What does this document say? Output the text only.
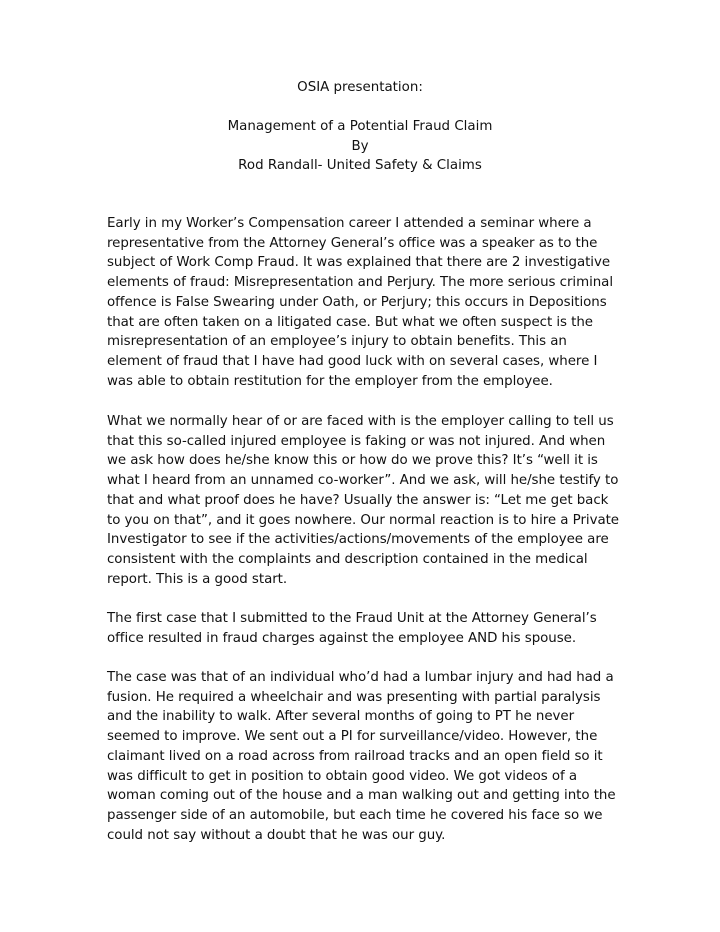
OSIA presentation:

Management of a Potential Fraud Claim

By

Rod Randall- United Safety & Claims

Early in my Worker’s Compensation career I attended a seminar where a
representative from the Attorney General’s office was a speaker as to the
subject of Work Comp Fraud. It was explained that there are 2 investigative
elements of fraud: Misrepresentation and Perjury. The more serious criminal
offence is False Swearing under Oath, or Perjury; this occurs in Depositions
that are often taken on a litigated case. But what we often suspect is the
misrepresentation of an employee’s injury to obtain benefits. This an
element of fraud that I have had good luck with on several cases, where I
was able to obtain restitution for the employer from the employee.
What we normally hear of or are faced with is the employer calling to tell us
that this so-called injured employee is faking or was not injured. And when
we ask how does he/she know this or how do we prove this? It’s “well it is
what I heard from an unnamed co-worker”. And we ask, will he/she testify to
that and what proof does he have? Usually the answer is: “Let me get back
to you on that”, and it goes nowhere. Our normal reaction is to hire a Private
Investigator to see if the activities/actions/movements of the employee are
consistent with the complaints and description contained in the medical
report. This is a good start.
The first case that I submitted to the Fraud Unit at the Attorney General’s
office resulted in fraud charges against the employee AND his spouse.
The case was that of an individual who’d had a lumbar injury and had had a
fusion. He required a wheelchair and was presenting with partial paralysis
and the inability to walk. After several months of going to PT he never
seemed to improve. We sent out a PI for surveillance/video. However, the
claimant lived on a road across from railroad tracks and an open field so it
was difficult to get in position to obtain good video. We got videos of a
woman coming out of the house and a man walking out and getting into the
passenger side of an automobile, but each time he covered his face so we
could not say without a doubt that he was our guy.
